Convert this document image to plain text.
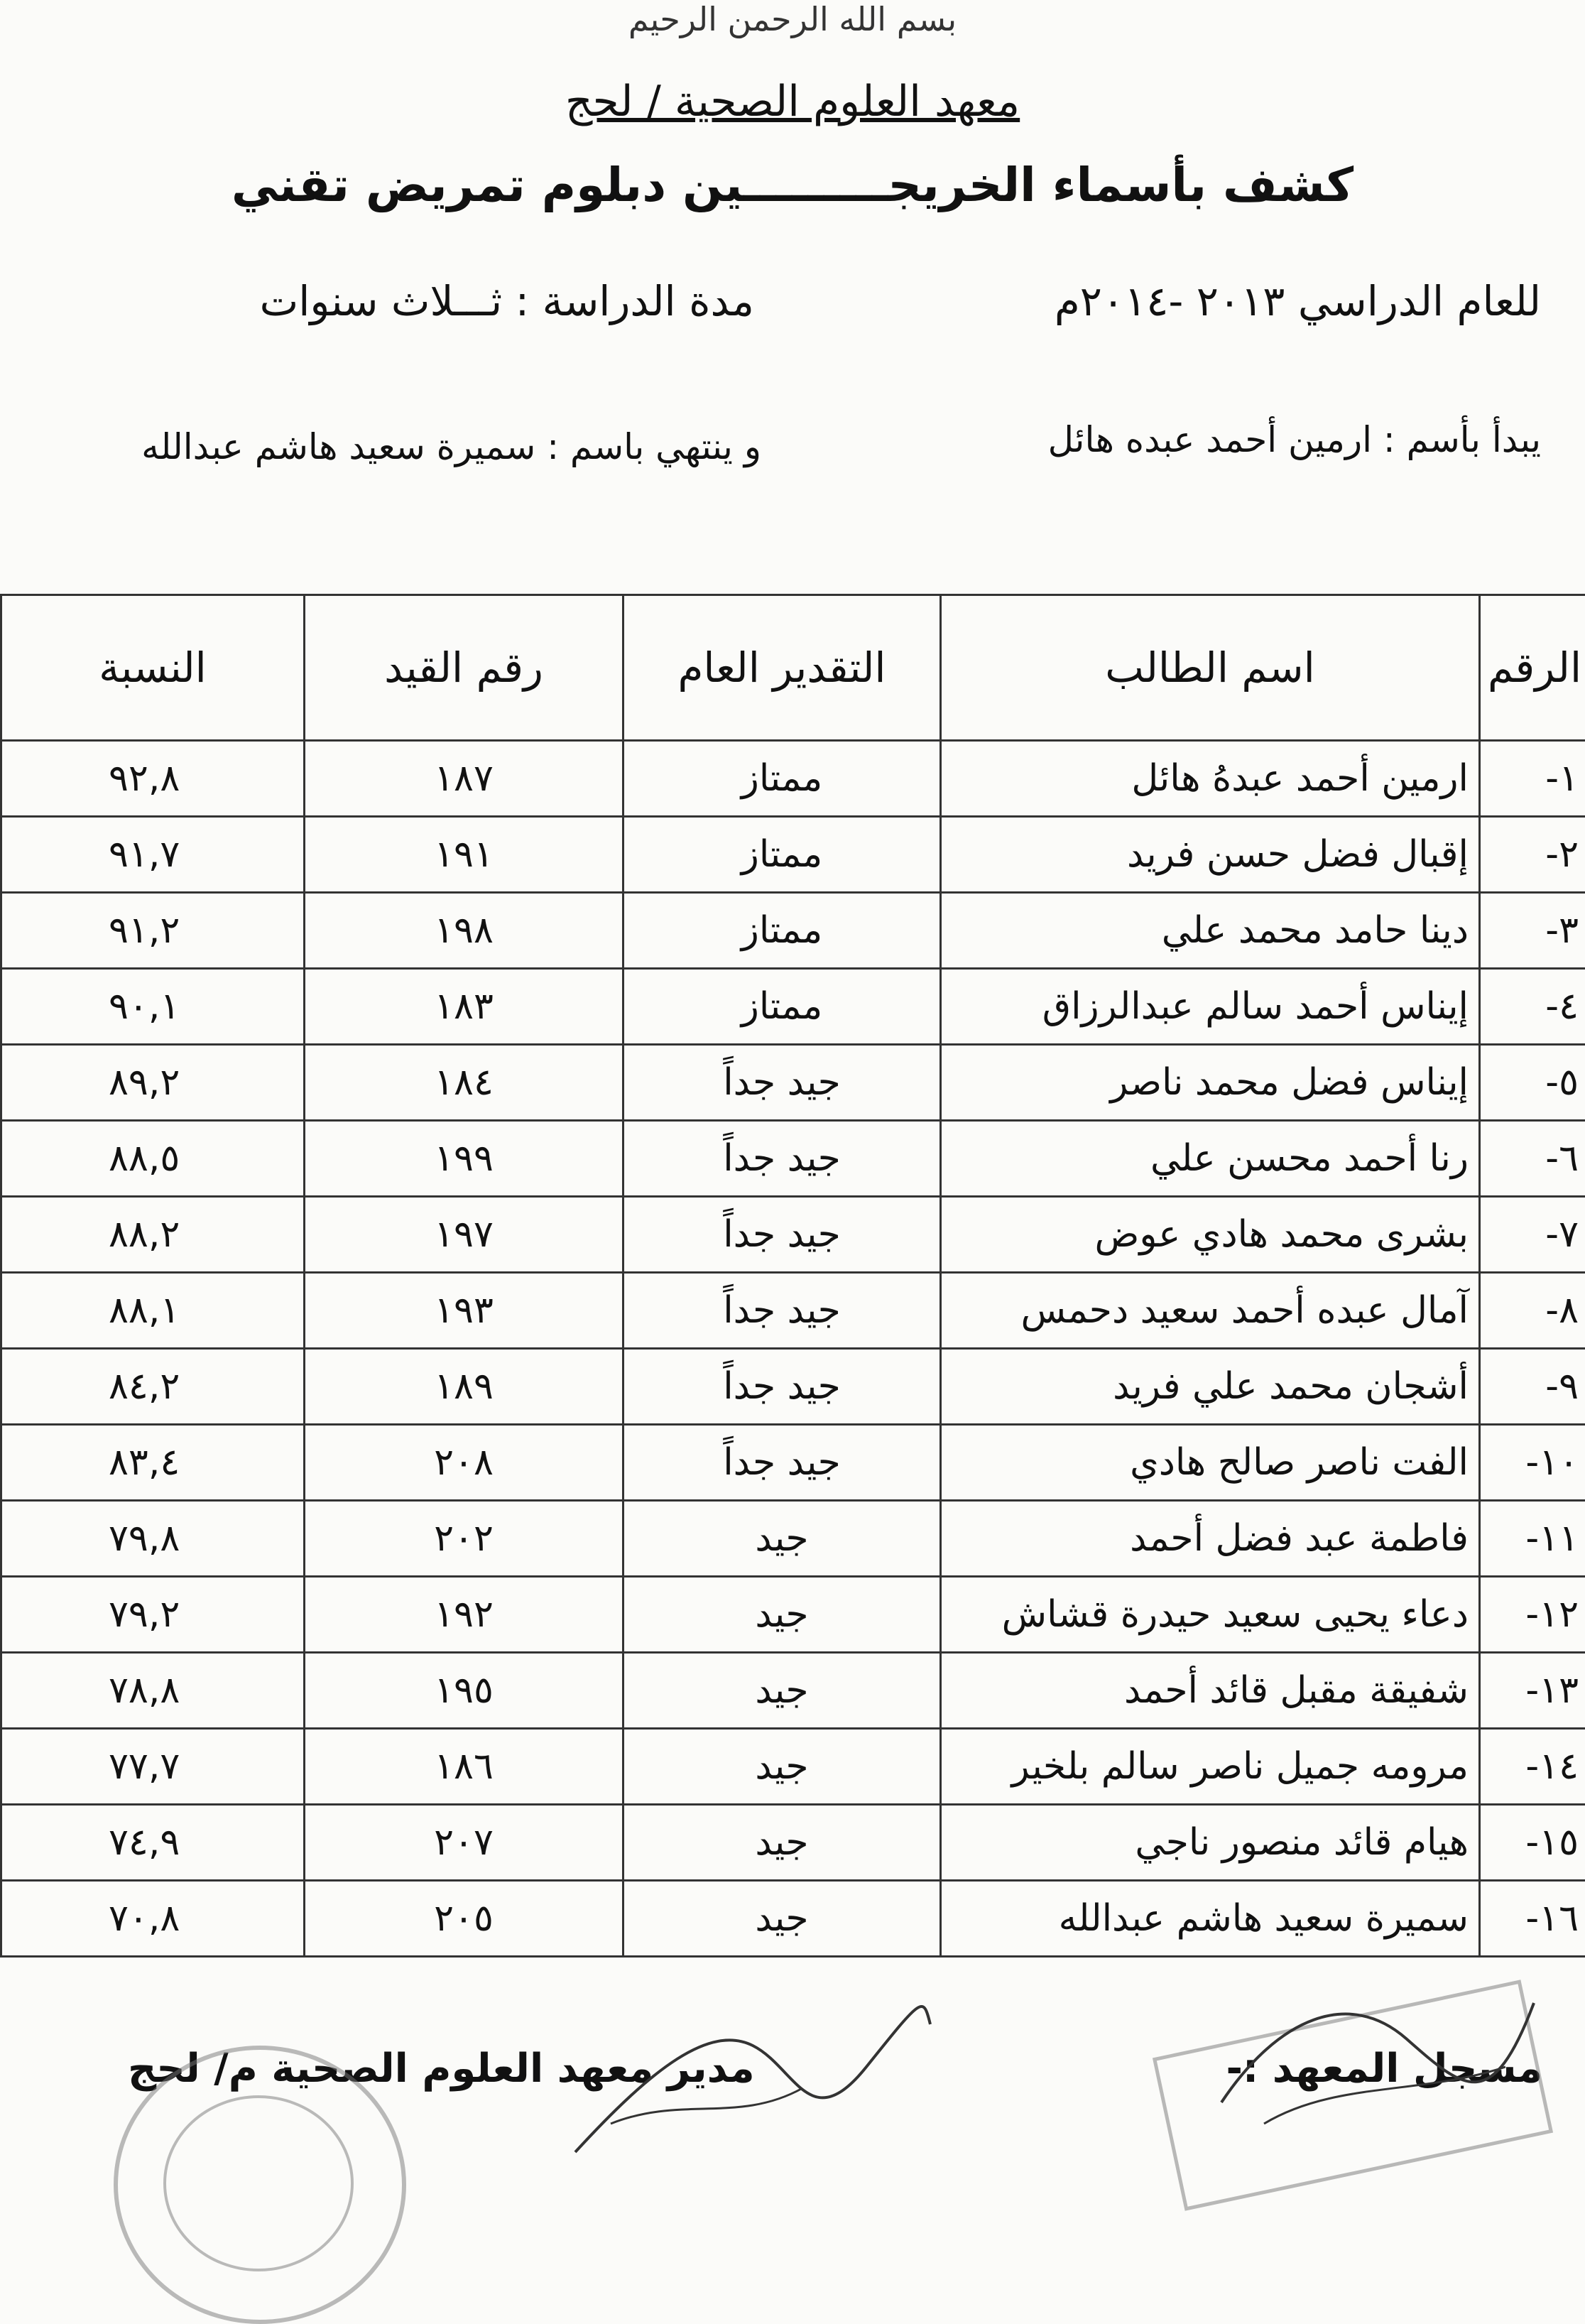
بسم الله الرحمن الرحيم
معهد العلوم الصحية / لحج
كشف بأسماء الخريجـــــــــين دبلوم تمريض تقني
للعام الدراسي ٢٠١٣ -٢٠١٤م
مدة الدراسة : ثـــلاث سنوات
يبدأ بأسم : ارمين أحمد عبده هائل
و ينتهي باسم : سميرة سعيد هاشم عبدالله
الرقم	اسم الطالب	التقدير العام	رقم القيد	النسبة
١-	ارمين أحمد عبدهُ هائل	ممتاز	١٨٧	٩٢,٨
٢-	إقبال فضل حسن فريد	ممتاز	١٩١	٩١,٧
٣-	دينا حامد محمد علي	ممتاز	١٩٨	٩١,٢
٤-	إيناس أحمد سالم عبدالرزاق	ممتاز	١٨٣	٩٠,١
٥-	إيناس فضل محمد ناصر	جيد جداً	١٨٤	٨٩,٢
٦-	رنا أحمد محسن علي	جيد جداً	١٩٩	٨٨,٥
٧-	بشرى محمد هادي عوض	جيد جداً	١٩٧	٨٨,٢
٨-	آمال عبده أحمد سعيد دحمس	جيد جداً	١٩٣	٨٨,١
٩-	أشجان محمد علي فريد	جيد جداً	١٨٩	٨٤,٢
١٠-	الفت ناصر صالح هادي	جيد جداً	٢٠٨	٨٣,٤
١١-	فاطمة عبد فضل أحمد	جيد	٢٠٢	٧٩,٨
١٢-	دعاء يحيى سعيد حيدرة قشاش	جيد	١٩٢	٧٩,٢
١٣-	شفيقة مقبل قائد أحمد	جيد	١٩٥	٧٨,٨
١٤-	مرومه جميل ناصر سالم بلخير	جيد	١٨٦	٧٧,٧
١٥-	هيام قائد منصور ناجي	جيد	٢٠٧	٧٤,٩
١٦-	سميرة سعيد هاشم عبدالله	جيد	٢٠٥	٧٠,٨
مسجل المعهد :-
مدير معهد العلوم الصحية م/ لحج
